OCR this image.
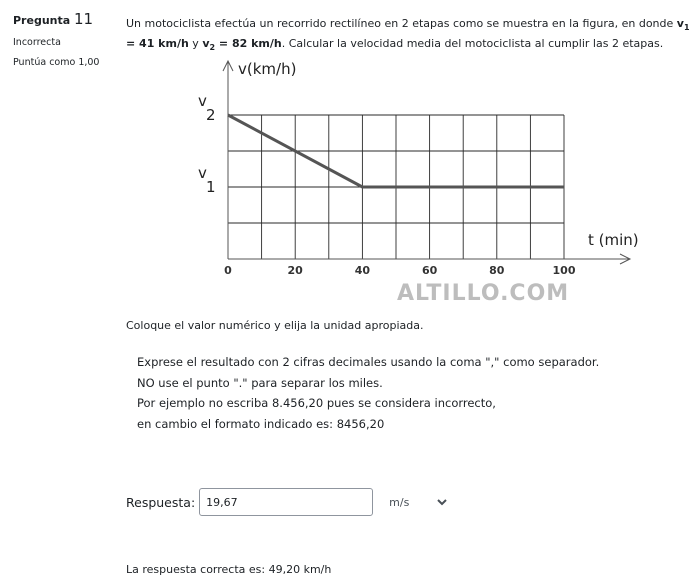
Pregunta 11
Incorrecta
Puntúa como 1,00
Un motociclista efectúa un recorrido rectilíneo en 2 etapas como se muestra en la figura, en donde $v_1 = 41$ km/h y $v_2 = 82$ km/h. Calcular la velocidad media del motociclista al cumplir las 2 etapas.
v(km/h)
t (min)
0	20	40	60	80	100
v
2
v
1
ALTILLO.COM
Coloque el valor numérico y elija la unidad apropiada.
Exprese el resultado con 2 cifras decimales usando la coma "," como separador.
NO use el punto "." para separar los miles.
Por ejemplo no escriba 8.456,20 pues se considera incorrecto,
en cambio el formato indicado es: 8456,20
Respuesta:
19,67	m/s
La respuesta correcta es: 49,20 km/h
